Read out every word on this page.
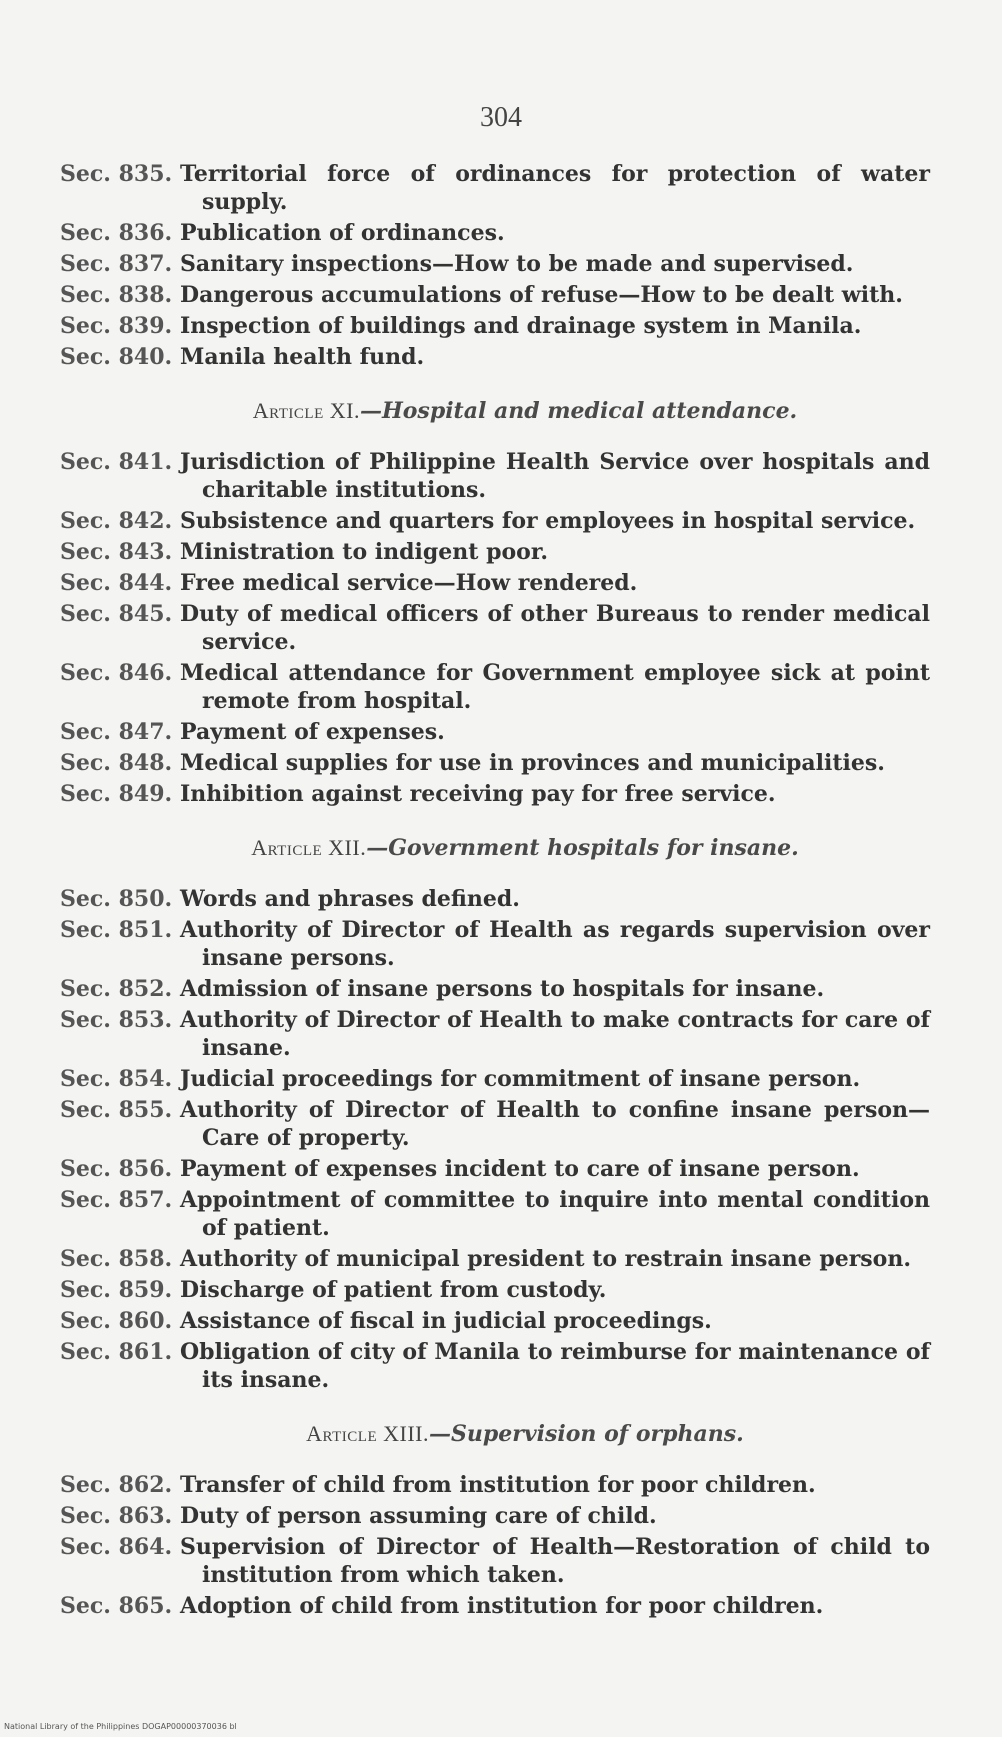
304
Sec. 835. Territorial force of ordinances for protection of water supply.
Sec. 836. Publication of ordinances.
Sec. 837. Sanitary inspections—How to be made and supervised.
Sec. 838. Dangerous accumulations of refuse—How to be dealt with.
Sec. 839. Inspection of buildings and drainage system in Manila.
Sec. 840. Manila health fund.
Article XI.—Hospital and medical attendance.
Sec. 841. Jurisdiction of Philippine Health Service over hospitals and charitable institutions.
Sec. 842. Subsistence and quarters for employees in hospital service.
Sec. 843. Ministration to indigent poor.
Sec. 844. Free medical service—How rendered.
Sec. 845. Duty of medical officers of other Bureaus to render medical service.
Sec. 846. Medical attendance for Government employee sick at point remote from hospital.
Sec. 847. Payment of expenses.
Sec. 848. Medical supplies for use in provinces and municipalities.
Sec. 849. Inhibition against receiving pay for free service.
Article XII.—Government hospitals for insane.
Sec. 850. Words and phrases defined.
Sec. 851. Authority of Director of Health as regards supervision over insane persons.
Sec. 852. Admission of insane persons to hospitals for insane.
Sec. 853. Authority of Director of Health to make contracts for care of insane.
Sec. 854. Judicial proceedings for commitment of insane person.
Sec. 855. Authority of Director of Health to confine insane person—Care of property.
Sec. 856. Payment of expenses incident to care of insane person.
Sec. 857. Appointment of committee to inquire into mental condition of patient.
Sec. 858. Authority of municipal president to restrain insane person.
Sec. 859. Discharge of patient from custody.
Sec. 860. Assistance of fiscal in judicial proceedings.
Sec. 861. Obligation of city of Manila to reimburse for maintenance of its insane.
Article XIII.—Supervision of orphans.
Sec. 862. Transfer of child from institution for poor children.
Sec. 863. Duty of person assuming care of child.
Sec. 864. Supervision of Director of Health—Restoration of child to institution from which taken.
Sec. 865. Adoption of child from institution for poor children.
National Library of the Philippines DOGAP00000370036 bl
